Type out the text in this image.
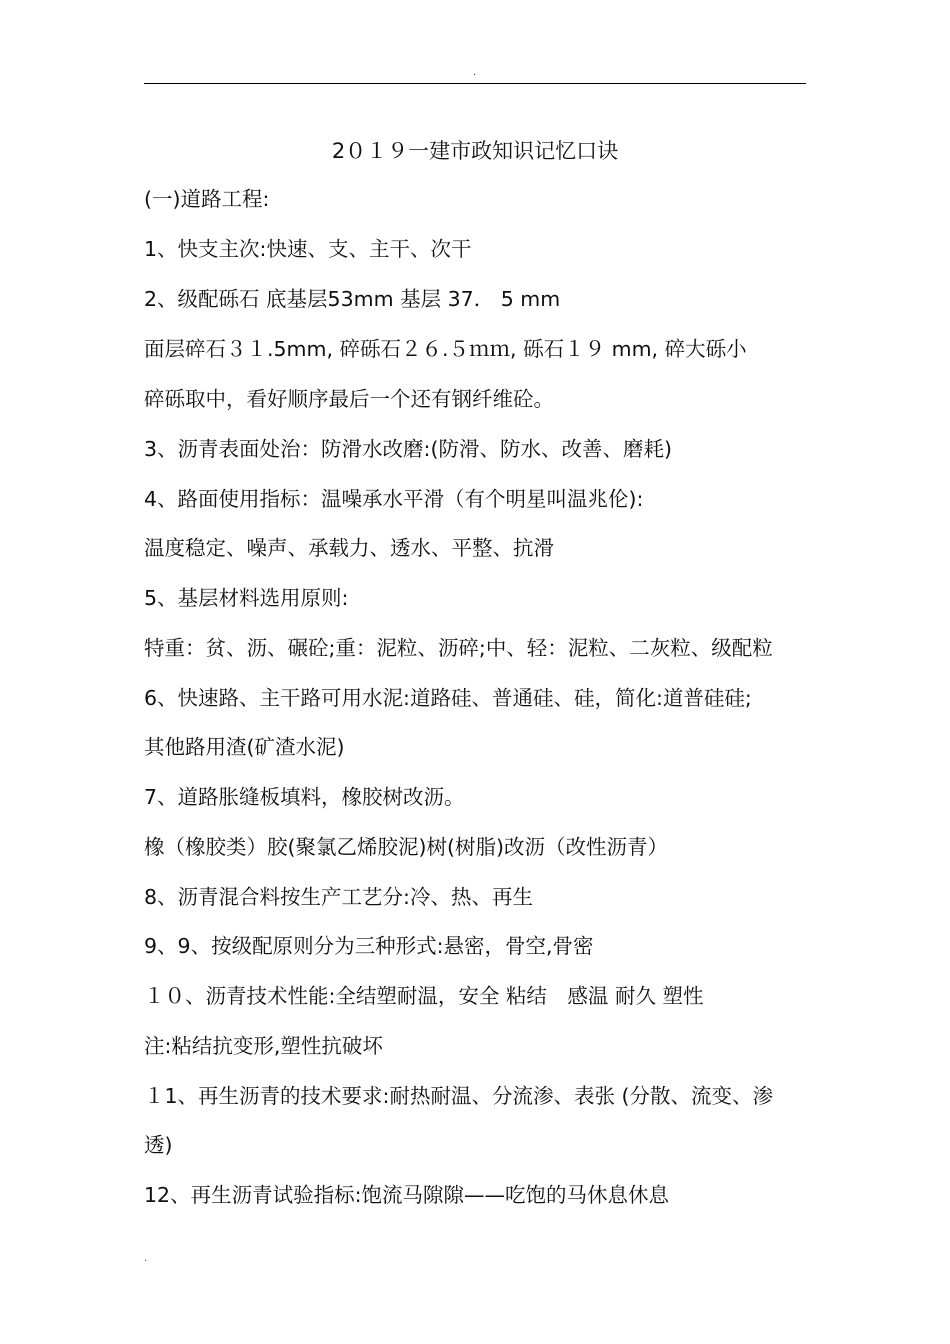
.
2０１９一建市政知识记忆口诀
(一)道路工程:
1、快支主次:快速、支、主干、次干
2、级配砾石 底基层53mm 基层 37． 5 mm
面层碎石３１.5mm, 碎砾石２６.５ｍｍ, 砾石１９ mm, 碎大砾小
碎砾取中，看好顺序最后一个还有钢纤维砼。
3、沥青表面处治：防滑水改磨:(防滑、防水、改善、磨耗)
4、路面使用指标：温噪承水平滑（有个明星叫温兆伦):
温度稳定、噪声、承载力、透水、平整、抗滑
5、基层材料选用原则:
特重：贫、沥、碾砼;重：泥粒、沥碎;中、轻：泥粒、二灰粒、级配粒
6、快速路、主干路可用水泥:道路硅、普通硅、硅，简化:道普硅硅;
其他路用渣(矿渣水泥)
7、道路胀缝板填料，橡胶树改沥。
橡（橡胶类）胶(聚氯乙烯胶泥)树(树脂)改沥（改性沥青）
8、沥青混合料按生产工艺分:冷、热、再生
9、9、按级配原则分为三种形式:悬密，骨空,骨密
１０、沥青技术性能:全结塑耐温，安全 粘结　感温 耐久 塑性
注:粘结抗变形,塑性抗破坏
１1、再生沥青的技术要求:耐热耐温、分流渗、表张 (分散、流变、渗
透)
12、再生沥青试验指标:饱流马隙隙——吃饱的马休息休息
.
